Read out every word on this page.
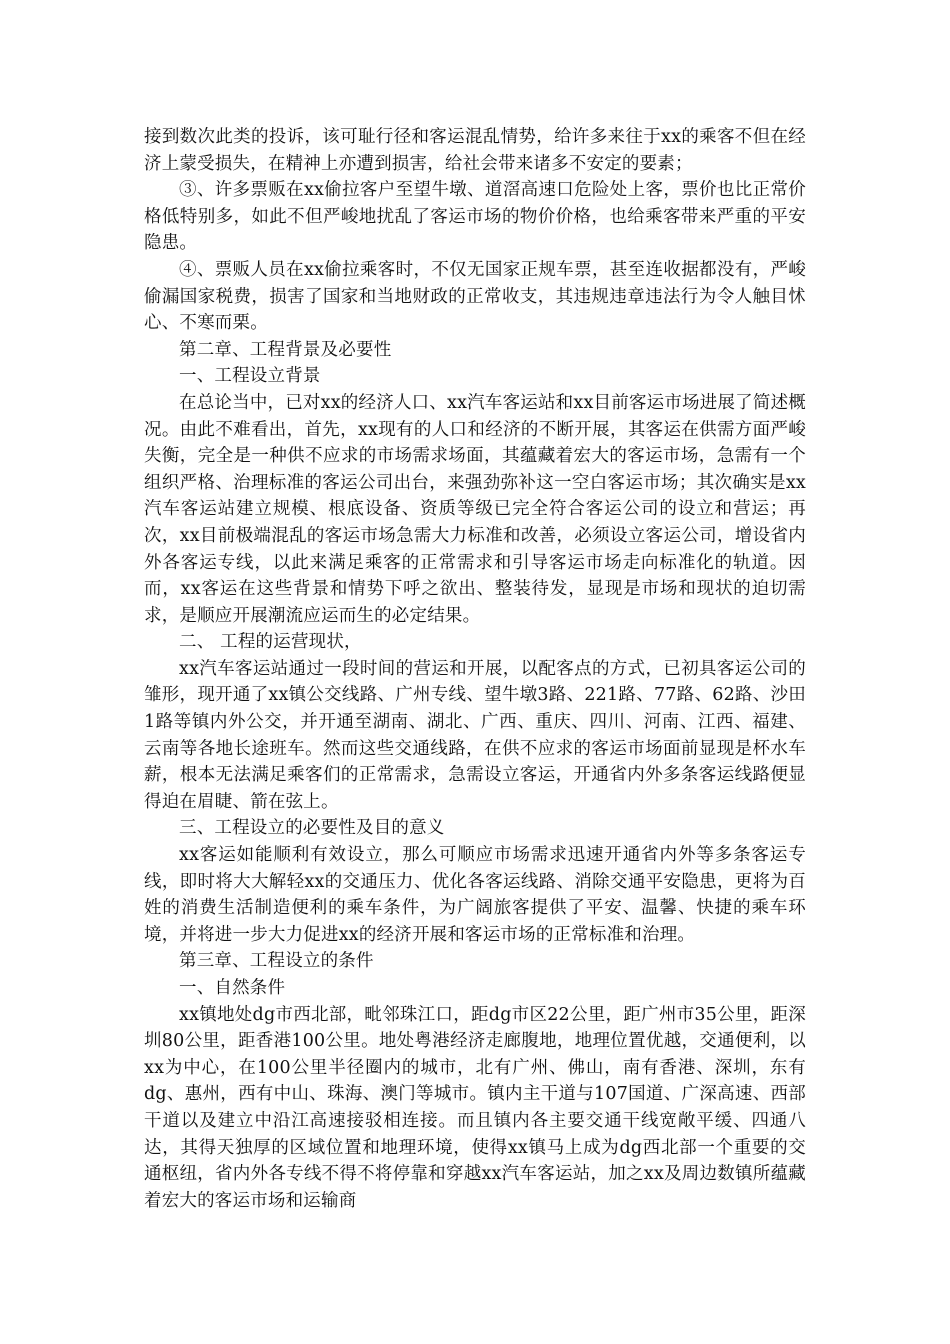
接到数次此类的投诉，该可耻行径和客运混乱情势，给许多来往于xx的乘客不但在经济上蒙受损失，在精神上亦遭到损害，给社会带来诸多不安定的要素；

③、许多票贩在xx偷拉客户至望牛墩、道滘高速口危险处上客，票价也比正常价格低特别多，如此不但严峻地扰乱了客运市场的物价价格，也给乘客带来严重的平安隐患。

④、票贩人员在xx偷拉乘客时，不仅无国家正规车票，甚至连收据都没有，严峻偷漏国家税费，损害了国家和当地财政的正常收支，其违规违章违法行为令人触目怵心、不寒而栗。

第二章、工程背景及必要性

一、工程设立背景

在总论当中，已对xx的经济人口、xx汽车客运站和xx目前客运市场进展了简述概况。由此不难看出，首先，xx现有的人口和经济的不断开展，其客运在供需方面严峻失衡，完全是一种供不应求的市场需求场面，其蕴藏着宏大的客运市场，急需有一个组织严格、治理标准的客运公司出台，来强劲弥补这一空白客运市场；其次确实是xx汽车客运站建立规模、根底设备、资质等级已完全符合客运公司的设立和营运；再次，xx目前极端混乱的客运市场急需大力标准和改善，必须设立客运公司，增设省内外各客运专线，以此来满足乘客的正常需求和引导客运市场走向标准化的轨道。因而，xx客运在这些背景和情势下呼之欲出、整装待发，显现是市场和现状的迫切需求，是顺应开展潮流应运而生的必定结果。

二、 工程的运营现状，

xx汽车客运站通过一段时间的营运和开展，以配客点的方式，已初具客运公司的雏形，现开通了xx镇公交线路、广州专线、望牛墩3路、221路、77路、62路、沙田1路等镇内外公交，并开通至湖南、湖北、广西、重庆、四川、河南、江西、福建、云南等各地长途班车。然而这些交通线路，在供不应求的客运市场面前显现是杯水车薪，根本无法满足乘客们的正常需求，急需设立客运，开通省内外多条客运线路便显得迫在眉睫、箭在弦上。

三、工程设立的必要性及目的意义

xx客运如能顺利有效设立，那么可顺应市场需求迅速开通省内外等多条客运专线，即时将大大解轻xx的交通压力、优化各客运线路、消除交通平安隐患，更将为百姓的消费生活制造便利的乘车条件，为广阔旅客提供了平安、温馨、快捷的乘车环境，并将进一步大力促进xx的经济开展和客运市场的正常标准和治理。

第三章、工程设立的条件

一、自然条件

xx镇地处dg市西北部，毗邻珠江口，距dg市区22公里，距广州市35公里，距深圳80公里，距香港100公里。地处粤港经济走廊腹地，地理位置优越，交通便利，以xx为中心，在100公里半径圈内的城市，北有广州、佛山，南有香港、深圳，东有dg、惠州，西有中山、珠海、澳门等城市。镇内主干道与107国道、广深高速、西部干道以及建立中沿江高速接驳相连接。而且镇内各主要交通干线宽敞平缓、四通八达，其得天独厚的区域位置和地理环境，使得xx镇马上成为dg西北部一个重要的交通枢纽，省内外各专线不得不将停靠和穿越xx汽车客运站，加之xx及周边数镇所蕴藏着宏大的客运市场和运输商
